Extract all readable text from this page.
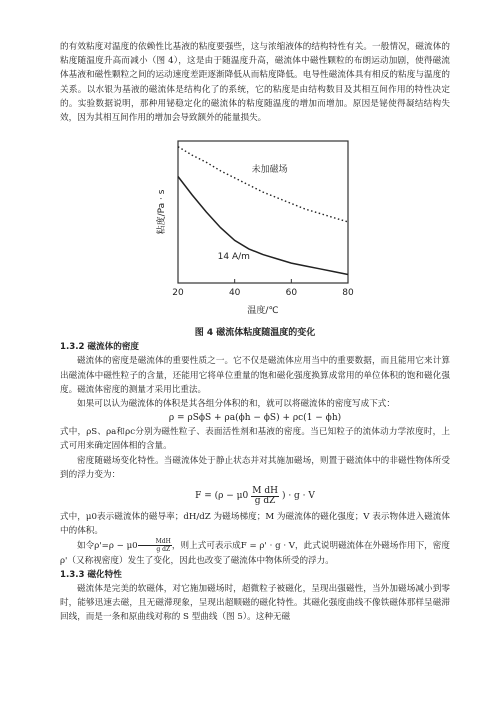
的有效粘度对温度的依赖性比基液的粘度要强些，这与浓缩液体的结构特性有关。一般情况，磁流体的粘度随温度升高而减小（图 4），这是由于随温度升高，磁流体中磁性颗粒的布朗运动加剧，使得磁流体基液和磁性颗粒之间的运动速度差距逐渐降低从而粘度降低。电导性磁流体具有相反的粘度与温度的关系。以水银为基液的磁流体是结构化了的系统，它的粘度是由结构数目及其相互间作用的特性决定的。实验数据说明，那种用铋稳定化的磁流体的粘度随温度的增加而增加。原因是铋使得凝结结构失效，因为其相互间作用的增加会导致额外的能量损失。

20	40	60	80
粘度/Pa · s
温度/℃
未加磁场
14 A/m
图 4 磁流体粘度随温度的变化
1.3.2 磁流体的密度

磁流体的密度是磁流体的重要性质之一。它不仅是磁流体应用当中的重要数据，而且能用它来计算出磁流体中磁性粒子的含量，还能用它将单位重量的饱和磁化强度换算成常用的单位体积的饱和磁化强度。磁流体密度的测量才采用比重法。

如果可以认为磁流体的体积是其各组分体积的和，就可以将磁流体的密度写成下式：

ρ = ρSϕS + ρa(ϕh − ϕS) + ρc(1 − ϕh)

式中，ρS、ρa和ρc分别为磁性粒子、表面活性剂和基液的密度。当已知粒子的流体动力学浓度时，上式可用来确定固体相的含量。

密度随磁场变化特性。当磁流体处于静止状态并对其施加磁场，则置于磁流体中的非磁性物体所受到的浮力变为：

$F = (\rho - \mu 0 \frac{\text{M dH}}{\text{g dZ}}$ ) · g · V

式中，μ0表示磁流体的磁导率；dH/dZ 为磁场梯度；M 为磁流体的磁化强度；V 表示物体进入磁流体中的体积。

如令$\rho'=\rho - \mu 0 \frac{\text{MdH}}{\text{g dZ}}$ ，则上式可表示成F = ρ' · g · V，此式说明磁流体在外磁场作用下，密度ρ'（又称视密度）发生了变化，因此也改变了磁流体中物体所受的浮力。

1.3.3 磁化特性

磁流体是完美的软磁体，对它施加磁场时，超微粒子被磁化，呈现出强磁性，当外加磁场减小到零时，能够迅速去磁，且无磁滞现象，呈现出超顺磁的磁化特性。其磁化强度曲线不像铁磁体那样呈磁滞回线，而是一条和原曲线对称的 S 型曲线（图 5）。这种无磁
